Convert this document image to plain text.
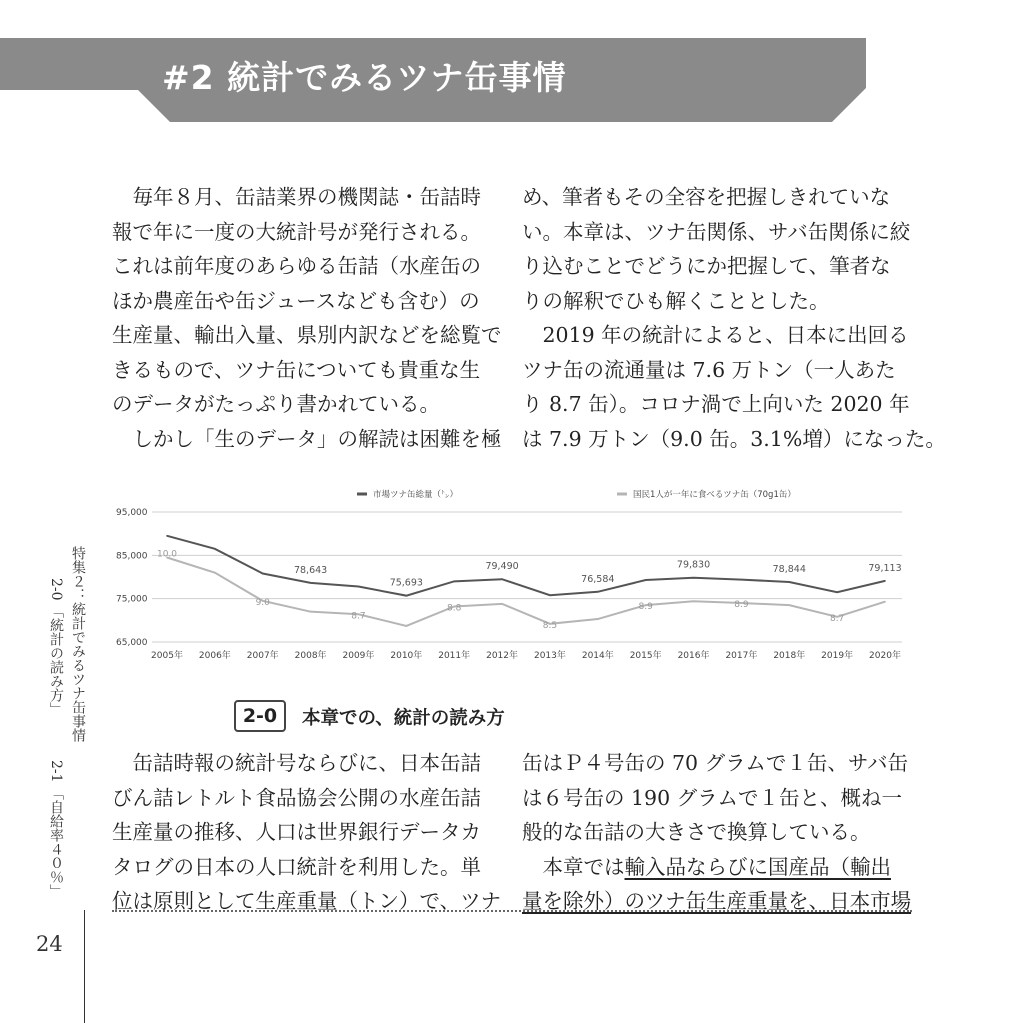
#2 統計でみるツナ缶事情

　毎年８月、缶詰業界の機関誌・缶詰時

報で年に一度の大統計号が発行される。

これは前年度のあらゆる缶詰（水産缶の

ほか農産缶や缶ジュースなども含む）の

生産量、輸出入量、県別内訳などを総覧で

きるもので、ツナ缶についても貴重な生

のデータがたっぷり書かれている。

　しかし「生のデータ」の解読は困難を極

め、筆者もその全容を把握しきれていな

い。本章は、ツナ缶関係、サバ缶関係に絞

り込むことでどうにか把握して、筆者な

りの解釈でひも解くこととした。

　2019 年の統計によると、日本に出回る

ツナ缶の流通量は 7.6 万トン（一人あた

り 8.7 缶）。コロナ渦で上向いた 2020 年

は 7.9 万トン（9.0 缶。3.1%増）になった。

95,000
85,000
75,000
65,000
2005年 2006年 2007年 2008年 2009年 2010年 2011年 2012年 2013年 2014年 2015年 2016年 2017年 2018年 2019年 2020年
市場ツナ缶総量（㌧）	国民1人が一年に食べるツナ缶（70g1缶）
78,643
75,693
79,490
76,584
79,830	78,844	79,113
10.0
9.0
8.7
8.8
8.5
8.9	8.9
8.7
2-0	本章での、統計の読み方

　缶詰時報の統計号ならびに、日本缶詰

びん詰レトルト食品協会公開の水産缶詰

生産量の推移、人口は世界銀行データカ

タログの日本の人口統計を利用した。単

位は原則として生産重量（トン）で、ツナ

缶はＰ４号缶の 70 グラムで１缶、サバ缶

は６号缶の 190 グラムで１缶と、概ね一

般的な缶詰の大きさで換算している。

　本章では輸入品ならびに国産品（輸出

量を除外）のツナ缶生産重量を、日本市場

特集２：統計でみるツナ缶事情
2-0
「統計の読み方」
2-1
「自給率４０％」
24
